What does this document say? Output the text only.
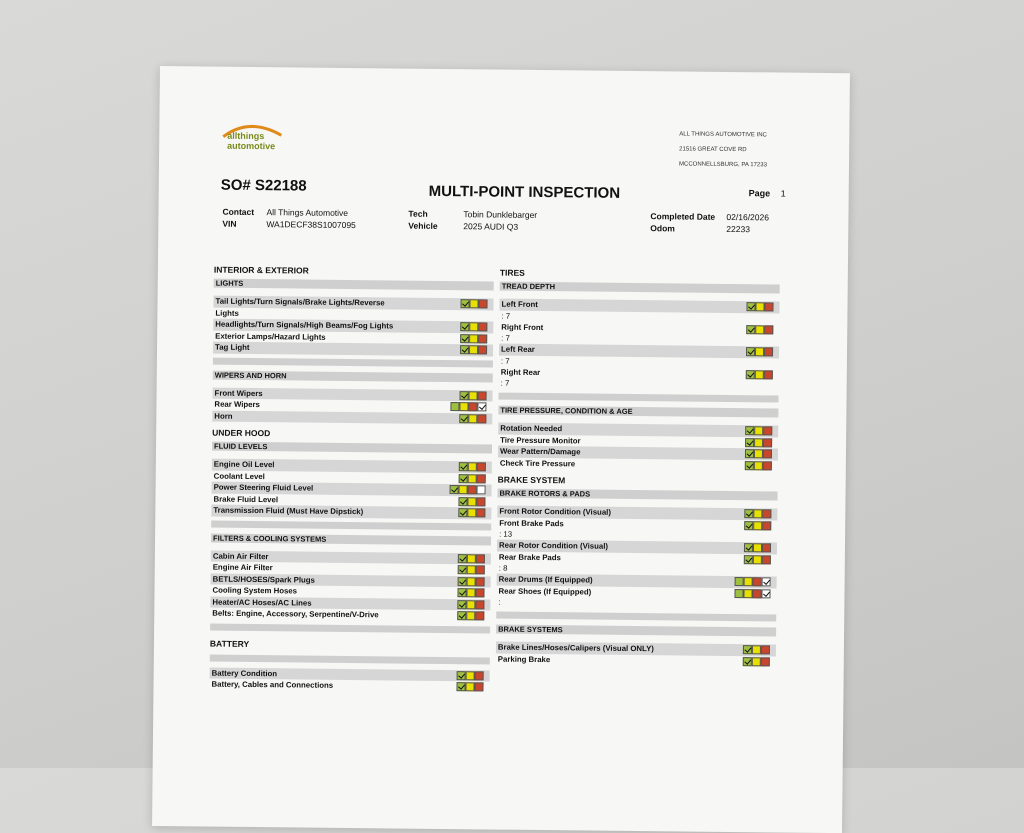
allthings
automotive
ALL THINGS AUTOMOTIVE INC
21516 GREAT COVE RD
MCCONNELLSBURG, PA 17233
SO# S22188	MULTI-POINT INSPECTION	Page 1
Contact All Things Automotive
VIN	WA1DECF38S1007095
Tech	Tobin Dunklebarger
Vehicle	2025 AUDI Q3
Completed Date 02/16/2026
Odom	22233
INTERIOR & EXTERIOR
LIGHTS
Tail Lights/Turn Signals/Brake Lights/Reverse
Lights
Headlights/Turn Signals/High Beams/Fog Lights
Exterior Lamps/Hazard Lights
Tag Light
WIPERS AND HORN
Front Wipers
Rear Wipers
Horn
UNDER HOOD
FLUID LEVELS
Engine Oil Level
Coolant Level
Power Steering Fluid Level
Brake Fluid Level
Transmission Fluid (Must Have Dipstick)
FILTERS & COOLING SYSTEMS
Cabin Air Filter
Engine Air Filter
BETLS/HOSES/Spark Plugs
Cooling System Hoses
Heater/AC Hoses/AC Lines
Belts: Engine, Accessory, Serpentine/V-Drive
BATTERY
Battery Condition
Battery, Cables and Connections
TIRES
TREAD DEPTH
Left Front
: 7
Right Front
: 7
Left Rear
: 7
Right Rear
: 7
TIRE PRESSURE, CONDITION & AGE
Rotation Needed
Tire Pressure Monitor
Wear Pattern/Damage
Check Tire Pressure
BRAKE SYSTEM
BRAKE ROTORS & PADS
Front Rotor Condition (Visual)
Front Brake Pads
: 13
Rear Rotor Condition (Visual)
Rear Brake Pads
: 8
Rear Drums (If Equipped)
Rear Shoes (If Equipped)
:
BRAKE SYSTEMS
Brake Lines/Hoses/Calipers (Visual ONLY)
Parking Brake
